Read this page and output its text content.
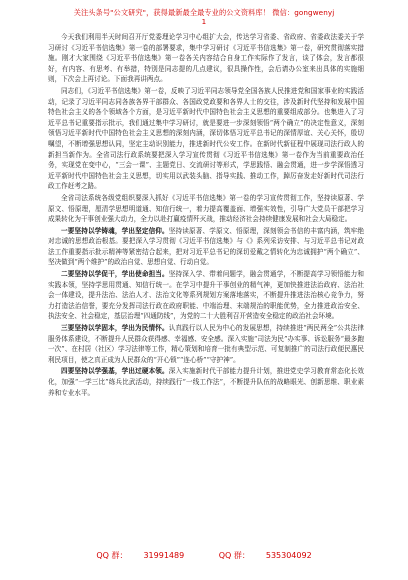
关注头条号"公文研究"，获得最新最全最专业的公文资料库！ 微信：gongwenyj
1

今天我们利用半天时间召开厅党委理论学习中心组扩大会，传达学习省委、省政府、省委政法委关于学习研讨《习近平书信选集》第一卷的部署要求，集中学习研讨《习近平书信选集》第一卷，研究贯彻落实措施。刚才大家围绕《习近平书信选集》第一卷各关内容结合自身工作实际作了发言，谈了体会，发言都很好，有内容、有思考、有举措，特别是同志提的几点建议，很具操作性，会后请办公室来出具体的实施细则，下次会上再讨论。下面我再讲两点。

同志们，《习近平书信选集》第一卷，反映了习近平同志领导党全国各族人民推进党和国家事业的实践活动，记录了习近平同志同各族各界干部群众、各国政党政要和各界人士的交往，涉及新时代坚持和发展中国特色社会主义的各个领域各个方面，是习近平新时代中国特色社会主义思想的重要组成部分。也集进入了习近平总书记重要指示批示，我们通过集中学习研讨，就是要进一步深刻领悟“两个确立”的决定性意义，深刻领悟习近平新时代中国特色社会主义思想的深刻内涵，深切体悟习近平总书记的深情厚谊、关心关怀，殷切嘱望，不断增强思想认同，坚定主动识别能力，推进新时代公安工作。在新时代新征程中展现司法行政人的新担当新作为。全省司法行政系统要把深入学习宣传贯彻《习近平书信选集》第一卷作为当前重要政治任务，实现党在变中心，“三会一课”、主题党日、交流研讨等形式，学思践悟、融会贯通，进一步学深悟透习近平新时代中国特色社会主义思想，切实用以武装头脑、指导实践、推动工作，踔厉奋发走好新时代司法行政工作赶考之路。

全省司法系统各级党组织要深入抓好《习近平书信选集》第一卷的学习宣传贯彻工作，坚持读原著、学原文、悟原理，厘清学思想明道通、知信行统一，着力提高覆盖面、增强实效性，引导广大党员干部把学习成果转化为干事创业强大动力，全力以赴打赢疫情歼灭战，推动经济社会持续健康发展和社会大局稳定。

一要坚持以学铸魂，学出坚定信仰。坚持读原著、学原文、悟原理，深刻领会书信的丰富内涵，筑牢绝对忠诚的思想政治根基。要把深入学习贯彻《习近平书信选集》与《》系列采访安排、与习近平总书记对政法工作重要指示批示精神等紧密结合起来，把对习近平总书记的深切爱戴之情转化为忠诚拥护“两个确立”、坚决做到“两个维护”的政治自觉、思想自觉、行动自觉。

二要坚持以学促干，学出使命担当。坚持深入学、带着问题学，融会贯通学，不断提高学习领悟能力和实践本领，坚持学思用贯通、知信行统一。在学习中提升干事创业的精气神，更加快推进法治政府、法治社会一体建设，提升法治、法治人才、法治文化等系列规划方案落地落实，不断提升推进法治核心竞争力，努力打造法治信誉，要充分发挥司法行政在政府职能、中端治理、末端规治的职能优势，全力推进政治安全、执法安全、社会稳定，基层治理“四通防线”，为党的二十大胜利召开营造安全稳定的政治社会环境。

三要坚持以学固本，学出为民情怀。认真践行以人民为中心的发展思想，持续推进“两民两全”公共法律服务体系建设，不断提升人民群众获得感、幸福感、安全感。深入实施“司法为民”办实事、诉讼服务“最多跑一次”、在村居（社区）学习法律等工作，精心策划和培育一批有典型示范、可复制推广的司法行政便民惠民利民项目，使之真正成为人民群众的“开心锁”“连心桥”“守护神”。

四要坚持以学强基，学出过硬本领。深入实施新时代干部能力提升计划，推进党史学习教育常态化长效化，加强“一学三比”练兵比武活动，持续践行“一线工作法”，不断提升队伍的战略眼光、创新思维、职业素养和专业水平。

QQ 群： 31991489	QQ 群： 535304092
